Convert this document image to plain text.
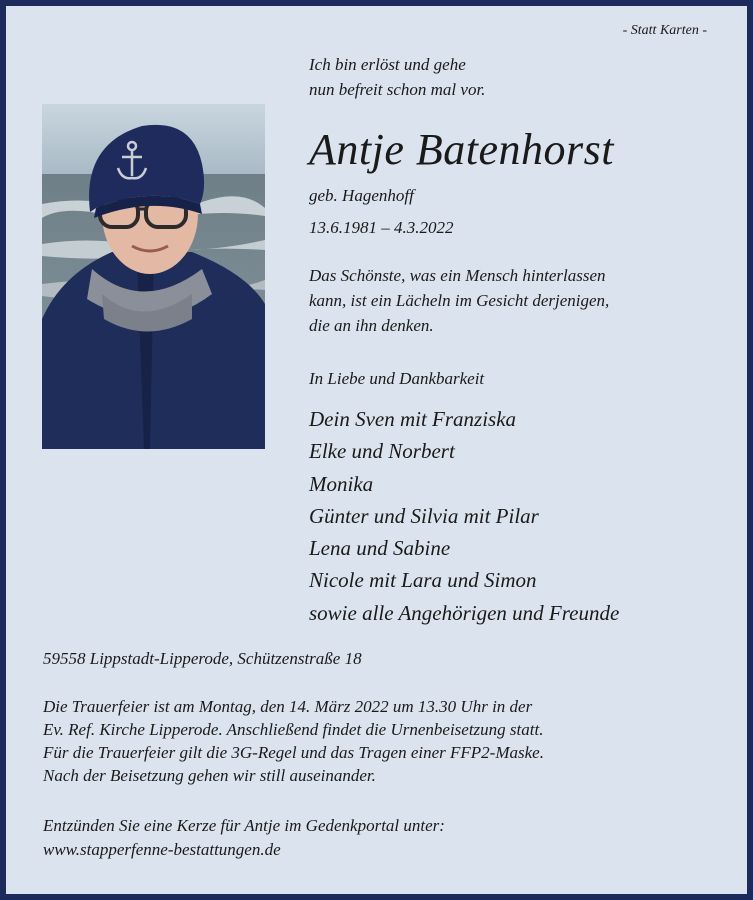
- Statt Karten -

Ich bin erlöst und gehe
nun befreit schon mal vor.
Antje Batenhorst

geb. Hagenhoff

13.6.1981 – 4.3.2022

Das Schönste, was ein Mensch hinterlassen
kann, ist ein Lächeln im Gesicht derjenigen,
die an ihn denken.

In Liebe und Dankbarkeit

Dein Sven mit Franziska
Elke und Norbert
Monika
Günter und Silvia mit Pilar
Lena und Sabine
Nicole mit Lara und Simon
sowie alle Angehörigen und Freunde

59558 Lippstadt-Lipperode, Schützenstraße 18

Die Trauerfeier ist am Montag, den 14. März 2022 um 13.30 Uhr in der
Ev. Ref. Kirche Lipperode. Anschließend findet die Urnenbeisetzung statt.
Für die Trauerfeier gilt die 3G-Regel und das Tragen einer FFP2-Maske.
Nach der Beisetzung gehen wir still auseinander.
Entzünden Sie eine Kerze für Antje im Gedenkportal unter:
www.stapperfenne-bestattungen.de
